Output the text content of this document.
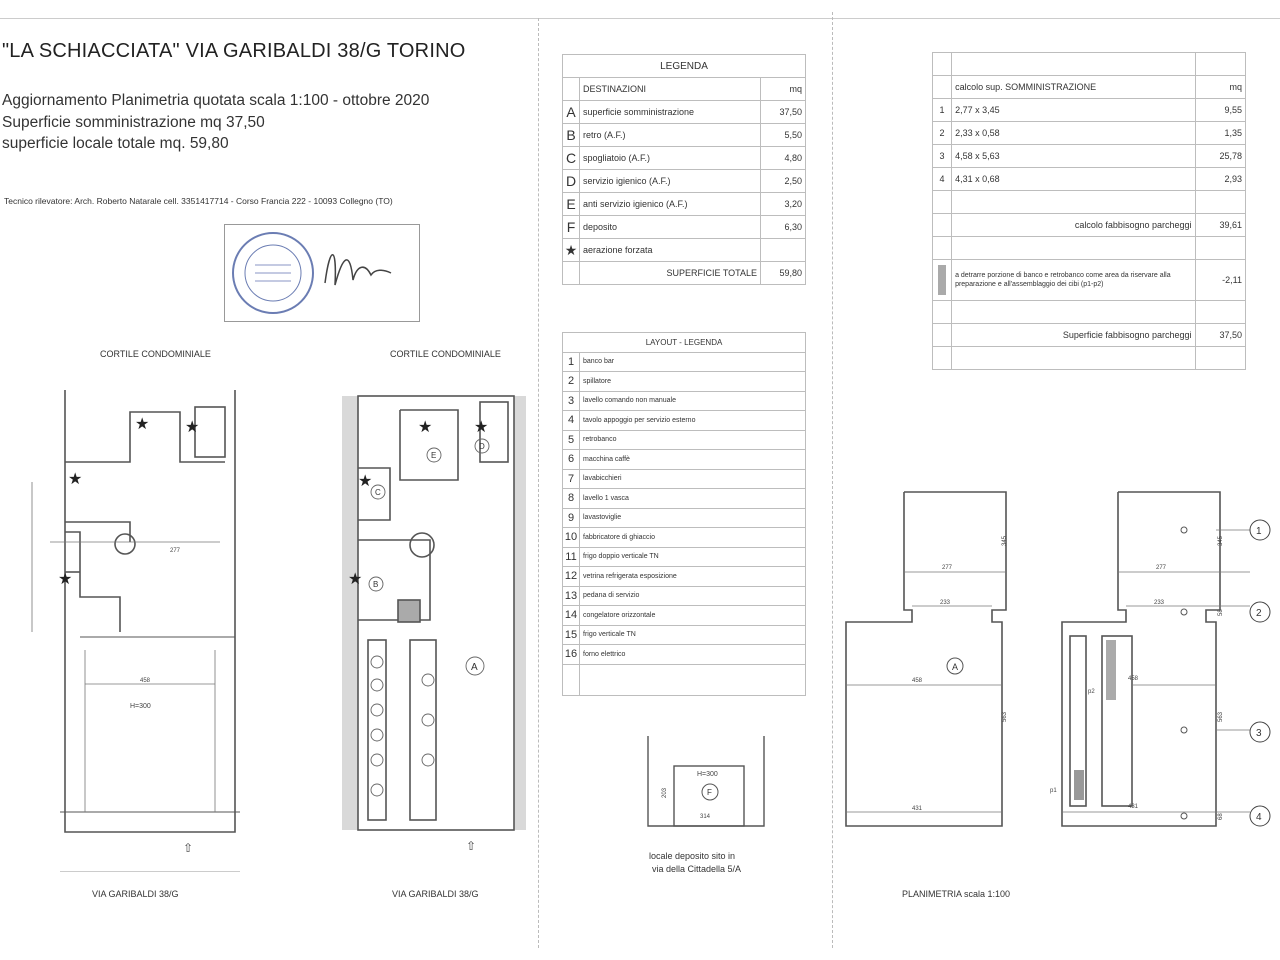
"LA SCHIACCIATA" VIA GARIBALDI 38/G TORINO
Aggiornamento Planimetria quotata scala 1:100 - ottobre 2020
Superficie somministrazione mq 37,50
superficie locale totale mq. 59,80
Tecnico rilevatore: Arch. Roberto Natarale cell. 3351417714 - Corso Francia 222 - 10093 Collegno (TO)
LEGENDA		
	DESTINAZIONI	mq
A	superficie somministrazione	37,50
B	retro (A.F.)	5,50
C	spogliatoio (A.F.)	4,80
D	servizio igienico (A.F.)	2,50
E	anti servizio igienico (A.F.)	3,20
F	deposito	6,30
★	aerazione forzata	
	SUPERFICIE TOTALE	59,80

	calcolo sup. SOMMINISTRAZIONE	mq
1	2,77 x 3,45	9,55
2	2,33 x 0,58	1,35
3	4,58 x 5,63	25,78
4	4,31 x 0,68	2,93

	calcolo fabbisogno parcheggi	39,61

	a detrarre porzione di banco e retrobanco come area da riservare alla preparazione e all'assemblaggio dei cibi (p1-p2)	-2,11

	Superficie fabbisogno parcheggi	37,50

LAYOUT - LEGENDA	
1	banco bar
2	spillatore
3	lavello comando non manuale
4	tavolo appoggio per servizio esterno
5	retrobanco
6	macchina caffè
7	lavabicchieri
8	lavello 1 vasca
9	lavastoviglie
10	fabbricatore di ghiaccio
11	frigo doppio verticale TN
12	vetrina refrigerata esposizione
13	pedana di servizio
14	congelatore orizzontale
15	frigo verticale TN
16	forno elettrico

CORTILE CONDOMINIALE	CORTILE CONDOMINIALE
VIA GARIBALDI 38/G	VIA GARIBALDI 38/G
locale deposito sito in
via della Cittadella 5/A
PLANIMETRIA scala 1:100
H=300
277
458
★ ★
★
★
⇧
E
C
B
D
A
★	★
★
★
⇧
F
H=300
314
203
A
277
233
458
431
345
563
277
233
458
431
p2
p1
345
58
563
68
1
2
3
4
